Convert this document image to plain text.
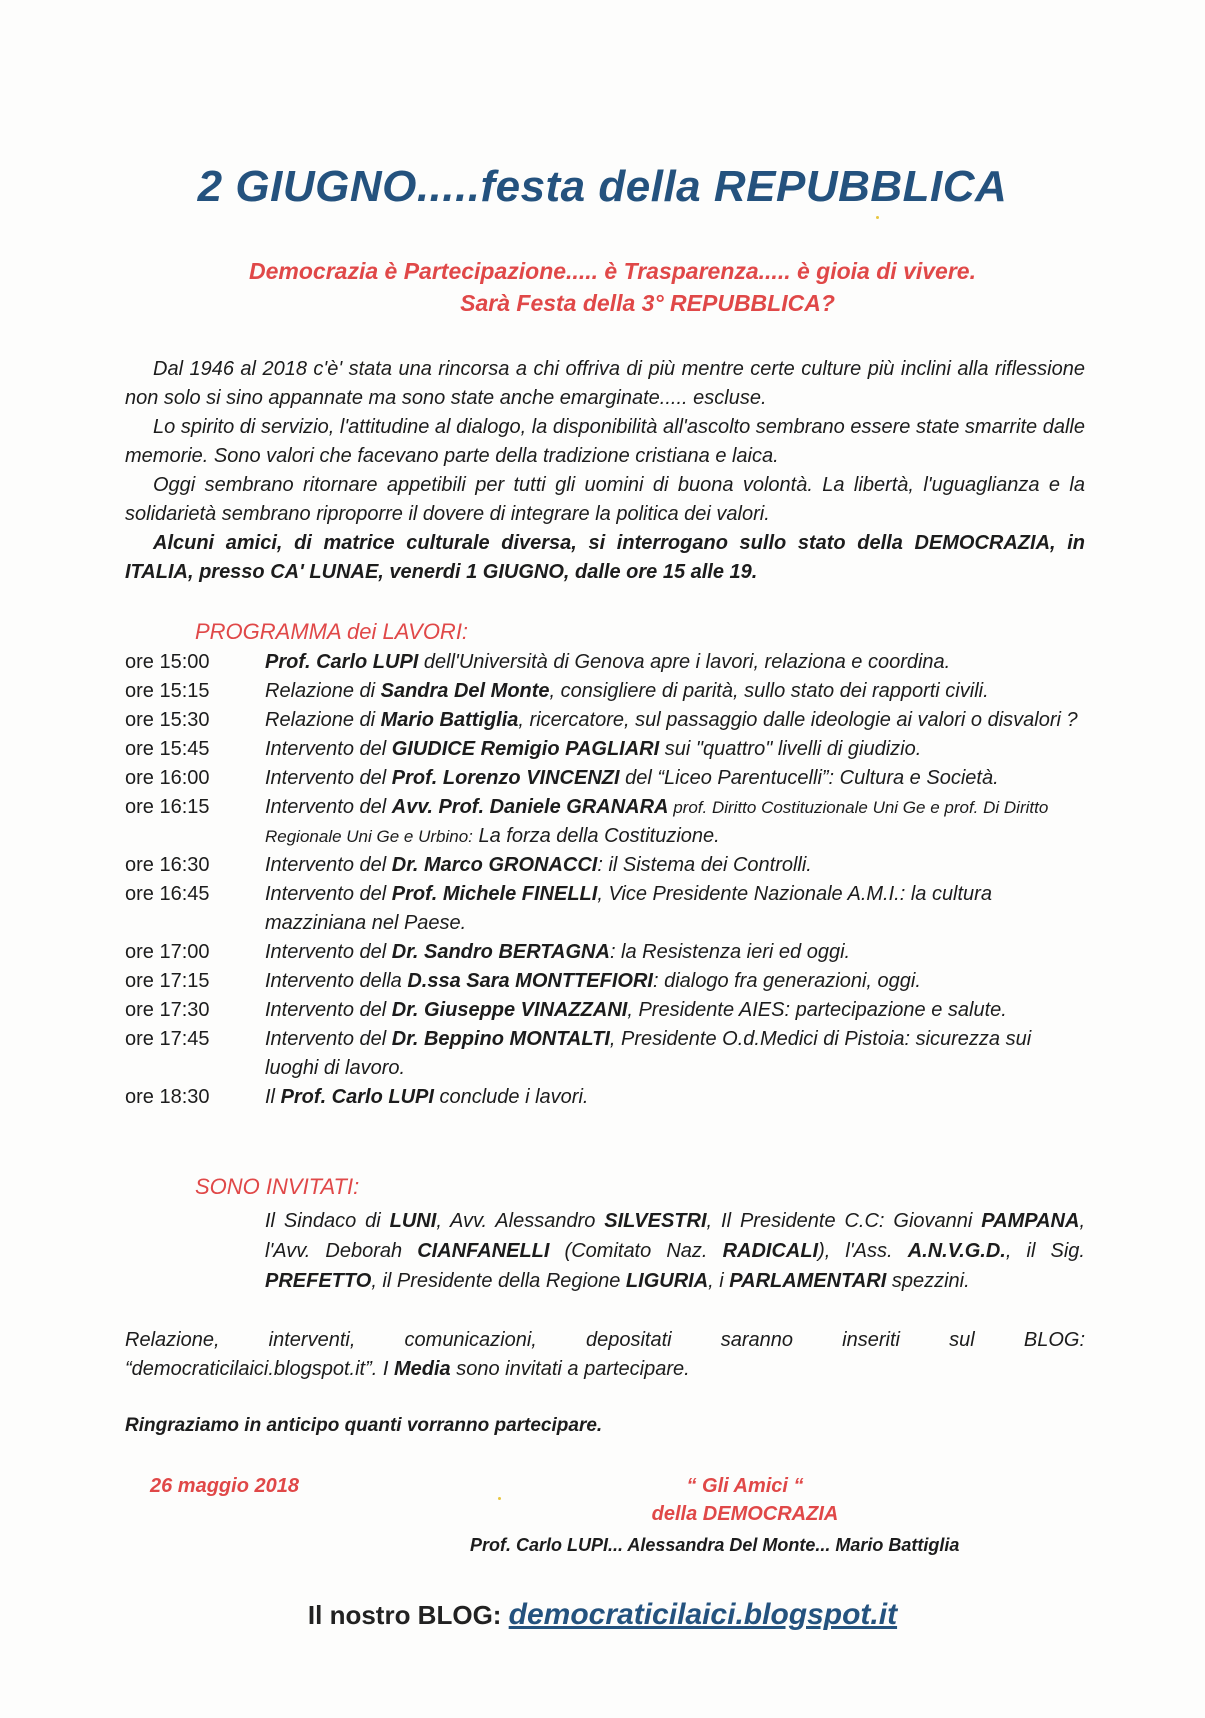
2 GIUGNO.....festa della REPUBBLICA
Democrazia è Partecipazione..... è Trasparenza..... è gioia di vivere.
Sarà Festa della 3° REPUBBLICA?

Dal 1946 al 2018 c'è' stata una rincorsa a chi offriva di più mentre certe culture più inclini alla riflessione non solo si sino appannate ma sono state anche emarginate..... escluse.

Lo spirito di servizio, l'attitudine al dialogo, la disponibilità all'ascolto sembrano essere state smarrite dalle memorie. Sono valori che facevano parte della tradizione cristiana e laica.

Oggi sembrano ritornare appetibili per tutti gli uomini di buona volontà. La libertà, l'uguaglianza e la solidarietà sembrano riproporre il dovere di integrare la politica dei valori.

Alcuni amici, di matrice culturale diversa, si interrogano sullo stato della DEMOCRAZIA, in ITALIA, presso CA' LUNAE, venerdi 1 GIUGNO, dalle ore 15 alle 19.

PROGRAMMA dei LAVORI:
ore 15:00	Prof. Carlo LUPI dell'Università di Genova apre i lavori, relaziona e coordina.
ore 15:15	Relazione di Sandra Del Monte, consigliere di parità, sullo stato dei rapporti civili.
ore 15:30	Relazione di Mario Battiglia, ricercatore, sul passaggio dalle ideologie ai valori o disvalori ?
ore 15:45	Intervento del GIUDICE Remigio PAGLIARI sui "quattro" livelli di giudizio.
ore 16:00	Intervento del Prof. Lorenzo VINCENZI del “Liceo Parentucelli”: Cultura e Società.
ore 16:15	Intervento del Avv. Prof. Daniele GRANARA prof. Diritto Costituzionale Uni Ge e prof. Di Diritto Regionale Uni Ge e Urbino: La forza della Costituzione.
ore 16:30	Intervento del Dr. Marco GRONACCI: il Sistema dei Controlli.
ore 16:45	Intervento del Prof. Michele FINELLI, Vice Presidente Nazionale A.M.I.: la cultura mazziniana nel Paese.
ore 17:00	Intervento del Dr. Sandro BERTAGNA: la Resistenza ieri ed oggi.
ore 17:15	Intervento della D.ssa Sara MONTTEFIORI: dialogo fra generazioni, oggi.
ore 17:30	Intervento del Dr. Giuseppe VINAZZANI, Presidente AIES: partecipazione e salute.
ore 17:45	Intervento del Dr. Beppino MONTALTI, Presidente O.d.Medici di Pistoia: sicurezza sui luoghi di lavoro.
ore 18:30	Il Prof. Carlo LUPI conclude i lavori.
SONO INVITATI:
Il Sindaco di LUNI, Avv. Alessandro SILVESTRI, Il Presidente C.C: Giovanni PAMPANA, l'Avv. Deborah CIANFANELLI (Comitato Naz. RADICALI), l'Ass. A.N.V.G.D., il Sig. PREFETTO, il Presidente della Regione LIGURIA, i PARLAMENTARI spezzini.
Relazione, interventi, comunicazioni, depositati saranno inseriti sul BLOG:
“democraticilaici.blogspot.it”. I Media sono invitati a partecipare.
Ringraziamo in anticipo quanti vorranno partecipare.
26 maggio 2018	“ Gli Amici “
della DEMOCRAZIA
Prof. Carlo LUPI... Alessandra Del Monte... Mario Battiglia
Il nostro BLOG: democraticilaici.blogspot.it
